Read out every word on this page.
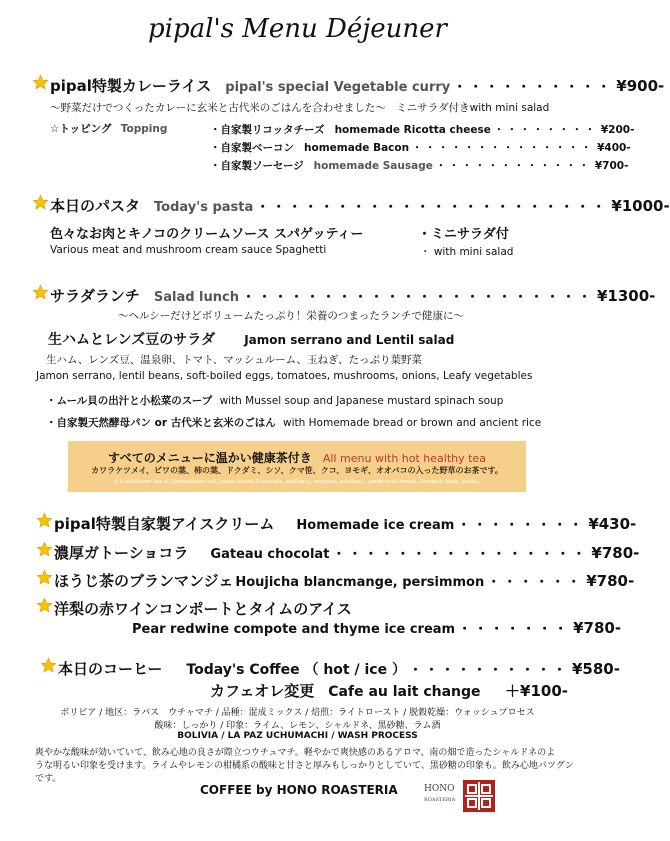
pipal's Menu Déjeuner
pipal特製カレーライス pipal's special Vegetable curry ・・・・・・・・・・ ¥900-
〜野菜だけでつくったカレーに玄米と古代米のごはんを合わせました〜　ミニサラダ付きwith mini salad
☆トッピング Topping	・自家製リコッタチーズ homemade Ricotta cheese ・・・・・・・・ ¥200-
・自家製ベーコン homemade Bacon ・・・・・・・・・・・・・・ ¥400-
・自家製ソーセージ homemade Sausage ・・・・・・・・・・・・ ¥700-
本日のパスタ Today's pasta ・・・・・・・・・・・・・・・・・・・・・・ ¥1000-
色々なお肉とキノコのクリームソース スパゲッティー	・ミニサラダ付
Various meat and mushroom cream sauce Spaghetti	・ with mini salad
サラダランチ Salad lunch ・・・・・・・・・・・・・・・・・・・・・・ ¥1300-
〜ヘルシーだけどボリュームたっぷり！栄養のつまったランチで健康に〜
生ハムとレンズ豆のサラダ Jamon serrano and Lentil salad
生ハム、レンズ豆、温泉卵、トマト、マッシュルーム、玉ねぎ、たっぷり葉野菜
Jamon serrano, lentil beans, soft-boiled eggs, tomatoes, mushrooms, onions, Leafy vegetables
・ムール貝の出汁と小松菜のスープ with Mussel soup and Japanese mustard spinach soup
・自家製天然酵母パン or 古代米と玄米のごはん with Homemade bread or brown and ancient rice
すべてのメニューに温かい健康茶付き All menu with hot healthy tea
カワラケツメイ、ビワの葉、柿の葉、ドクダミ、シソ、クマ笹、クコ、ヨモギ、オオバコの入った野草のお茶です。
It is wildflower tea of ,Kawaratetsu mei, loquat leaves,Kumasada, wolfberry, mugwort, psyllium,.. persimmon leaves, Domestic birds, perilla,
pipal特製自家製アイスクリーム Homemade ice cream ・・・・・・・・ ¥430-
濃厚ガトーショコラ Gateau chocolat ・・・・・・・・・・・・・・・・ ¥780-
ほうじ茶のブランマンジェ Houjicha blancmange, persimmon ・・・・・・ ¥780-
洋梨の赤ワインコンポートとタイムのアイス
Pear redwine compote and thyme ice cream ・・・・・・・ ¥780-
本日のコーヒー Today's Coffee （ hot / ice ） ・・・・・・・・・・ ¥580-
カフェオレ変更 Cafe au lait change ＋¥100-
ボリビア / 地区：ラパス　ウチャマチ / 品種：混成ミックス / 焙煎：ライトロースト / 脱穀乾燥：ウォッシュプロセス
酸味：しっかり / 印象：ライム、レモン、シャルドネ、黒砂糖、ラム酒
BOLIVIA / LA PAZ UCHUMACHI / WASH PROCESS
爽やかな酸味が効いていて、飲み心地の良さが際立つウチュマチ。軽やかで爽快感のあるアロマ、南の畑で造ったシャルドネのよ
うな明るい印象を受けます。ライムやレモンの柑橘系の酸味と甘さと厚みもしっかりとしていて、黒砂糖の印象も。飲み心地バツグン
です。
COFFEE by HONO ROASTERIA	HONO
ROASTERIA
